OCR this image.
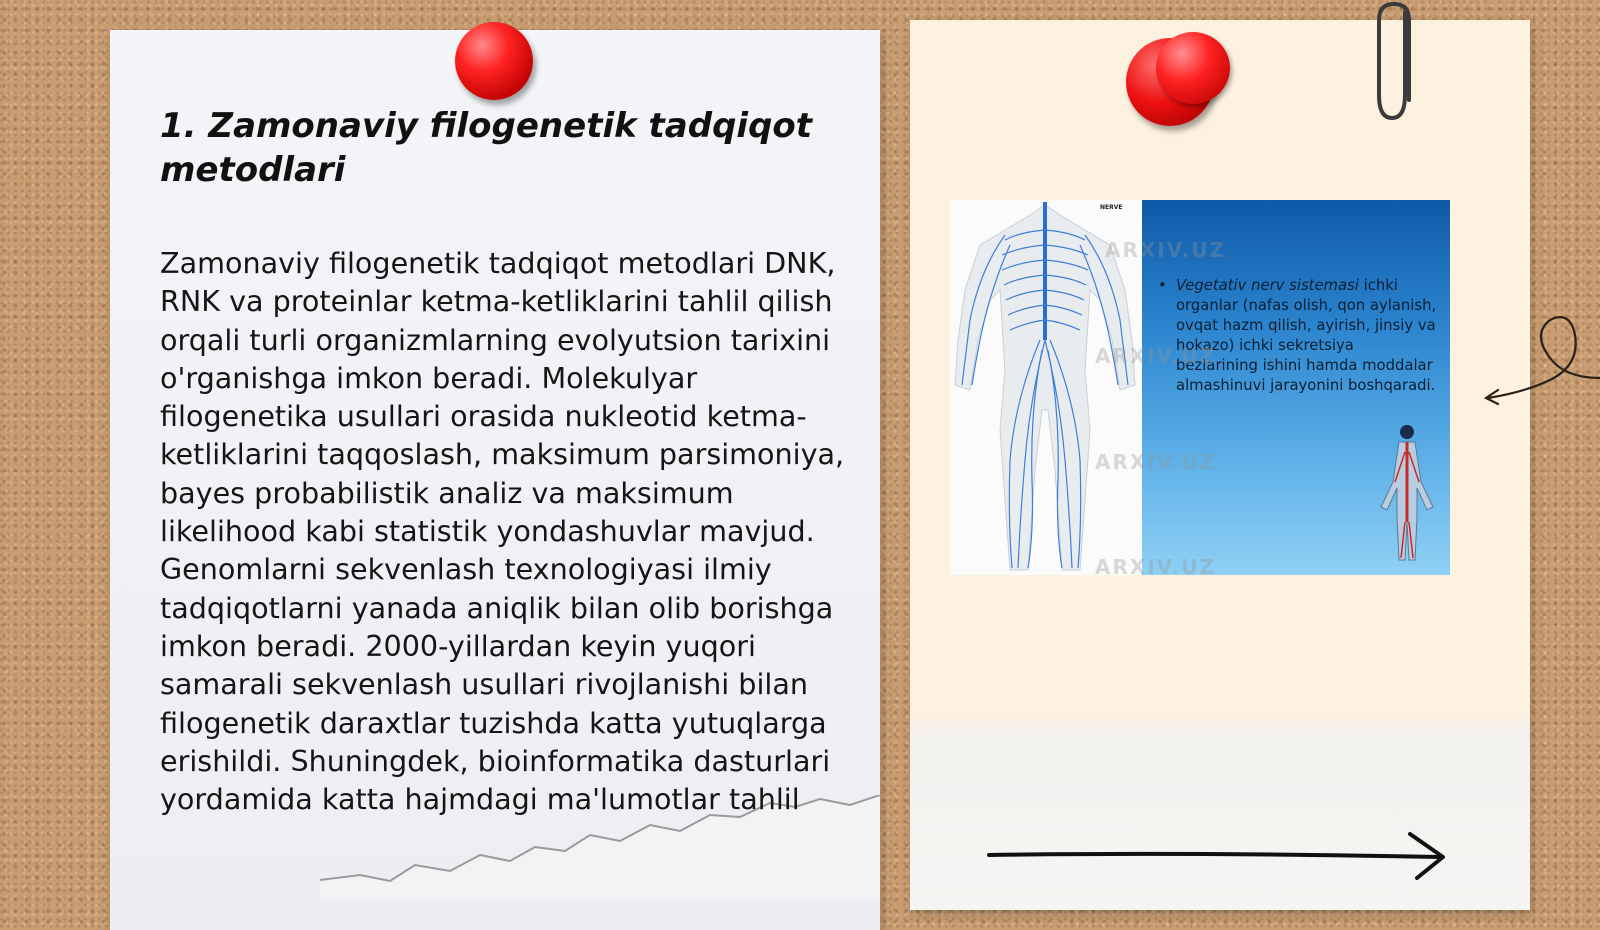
1. Zamonaviy filogenetik tadqiqot metodlari

Zamonaviy filogenetik tadqiqot metodlari DNK, RNK va proteinlar ketma-ketliklarini tahlil qilish orqali turli organizmlarning evolyutsion tarixini o'rganishga imkon beradi. Molekulyar filogenetika usullari orasida nukleotid ketma-ketliklarini taqqoslash, maksimum parsimoniya, bayes probabilistik analiz va maksimum likelihood kabi statistik yondashuvlar mavjud. Genomlarni sekvenlash texnologiyasi ilmiy tadqiqotlarni yanada aniqlik bilan olib borishga imkon beradi. 2000-yillardan keyin yuqori samarali sekvenlash usullari rivojlanishi bilan filogenetik daraxtlar tuzishda katta yutuqlarga erishildi. Shuningdek, bioinformatika dasturlari yordamida katta hajmdagi ma'lumotlar tahlil

NERVE
• Vegetativ nerv sistemasi ichki organlar (nafas olish, qon aylanish, ovqat hazm qilish, ayirish, jinsiy va hokazo) ichki sekretsiya bezlarining ishini hamda moddalar almashinuvi jarayonini boshqaradi.
ARXIV.UZ
ARXIV.UZ
ARXIV.UZ
ARXIV.UZ
